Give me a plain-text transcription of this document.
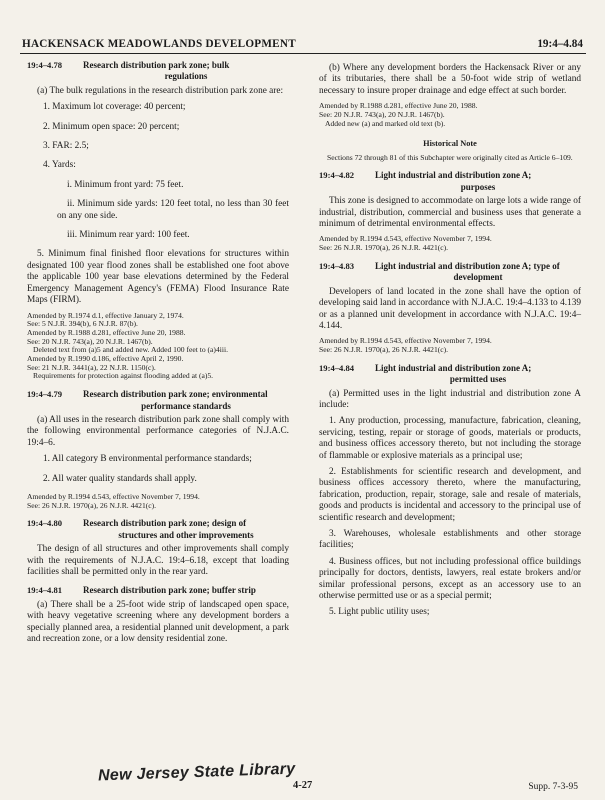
HACKENSACK MEADOWLANDS DEVELOPMENT	19:4–4.84
19:4–4.78	Research distribution park zone; bulk
regulations

(a) The bulk regulations in the research distribution park zone are:

1. Maximum lot coverage: 40 percent;
2. Minimum open space: 20 percent;
3. FAR: 2.5;
4. Yards:
i. Minimum front yard: 75 feet.
ii. Minimum side yards: 120 feet total, no less than 30 feet on any one side.
iii. Minimum rear yard: 100 feet.

5. Minimum final finished floor elevations for structures within designated 100 year flood zones shall be established one foot above the applicable 100 year base elevations determined by the Federal Emergency Management Agency's (FEMA) Flood Insurance Rate Maps (FIRM).

Amended by R.1974 d.1, effective January 2, 1974.
See: 5 N.J.R. 394(b), 6 N.J.R. 87(b).
Amended by R.1988 d.281, effective June 20, 1988.
See: 20 N.J.R. 743(a), 20 N.J.R. 1467(b).
Deleted text from (a)5 and added new. Added 100 feet to (a)4iii.
Amended by R.1990 d.186, effective April 2, 1990.
See: 21 N.J.R. 3441(a), 22 N.J.R. 1150(c).
Requirements for protection against flooding added at (a)5.
19:4–4.79	Research distribution park zone; environmental
performance standards

(a) All uses in the research distribution park zone shall comply with the following environmental performance categories of N.J.A.C. 19:4–6.

1. All category B environmental performance standards;
2. All water quality standards shall apply.
Amended by R.1994 d.543, effective November 7, 1994.
See: 26 N.J.R. 1970(a), 26 N.J.R. 4421(c).
19:4–4.80	Research distribution park zone; design of
structures and other improvements

The design of all structures and other improvements shall comply with the requirements of N.J.A.C. 19:4–6.18, except that loading facilities shall be permitted only in the rear yard.

19:4–4.81	Research distribution park zone; buffer strip

(a) There shall be a 25-foot wide strip of landscaped open space, with heavy vegetative screening where any development borders a specially planned area, a residential planned unit development, a park and recreation zone, or a low density residential zone.

(b) Where any development borders the Hackensack River or any of its tributaries, there shall be a 50-foot wide strip of wetland necessary to insure proper drainage and edge effect at such border.

Amended by R.1988 d.281, effective June 20, 1988.
See: 20 N.J.R. 743(a), 20 N.J.R. 1467(b).
Added new (a) and marked old text (b).
Historical Note
Sections 72 through 81 of this Subchapter were originally cited as Article 6–109.
19:4–4.82	Light industrial and distribution zone A;
purposes

This zone is designed to accommodate on large lots a wide range of industrial, distribution, commercial and business uses that generate a minimum of detrimental environmental effects.

Amended by R.1994 d.543, effective November 7, 1994.
See: 26 N.J.R. 1970(a), 26 N.J.R. 4421(c).
19:4–4.83	Light industrial and distribution zone A; type of
development

Developers of land located in the zone shall have the option of developing said land in accordance with N.J.A.C. 19:4–4.133 to 4.139 or as a planned unit development in accordance with N.J.A.C. 19:4–4.144.

Amended by R.1994 d.543, effective November 7, 1994.
See: 26 N.J.R. 1970(a), 26 N.J.R. 4421(c).
19:4–4.84	Light industrial and distribution zone A;
permitted uses

(a) Permitted uses in the light industrial and distribution zone A include:

1. Any production, processing, manufacture, fabrication, cleaning, servicing, testing, repair or storage of goods, materials or products, and business offices accessory thereto, but not including the storage of flammable or explosive materials as a principal use;

2. Establishments for scientific research and development, and business offices accessory thereto, where the manufacturing, fabrication, production, repair, storage, sale and resale of materials, goods and products is incidental and accessory to the principal use of scientific research and development;

3. Warehouses, wholesale establishments and other storage facilities;

4. Business offices, but not including professional office buildings principally for doctors, dentists, lawyers, real estate brokers and/or similar professional persons, except as an accessory use to an otherwise permitted use or as a special permit;

5. Light public utility uses;

New Jersey State Library
4-27	Supp. 7-3-95
